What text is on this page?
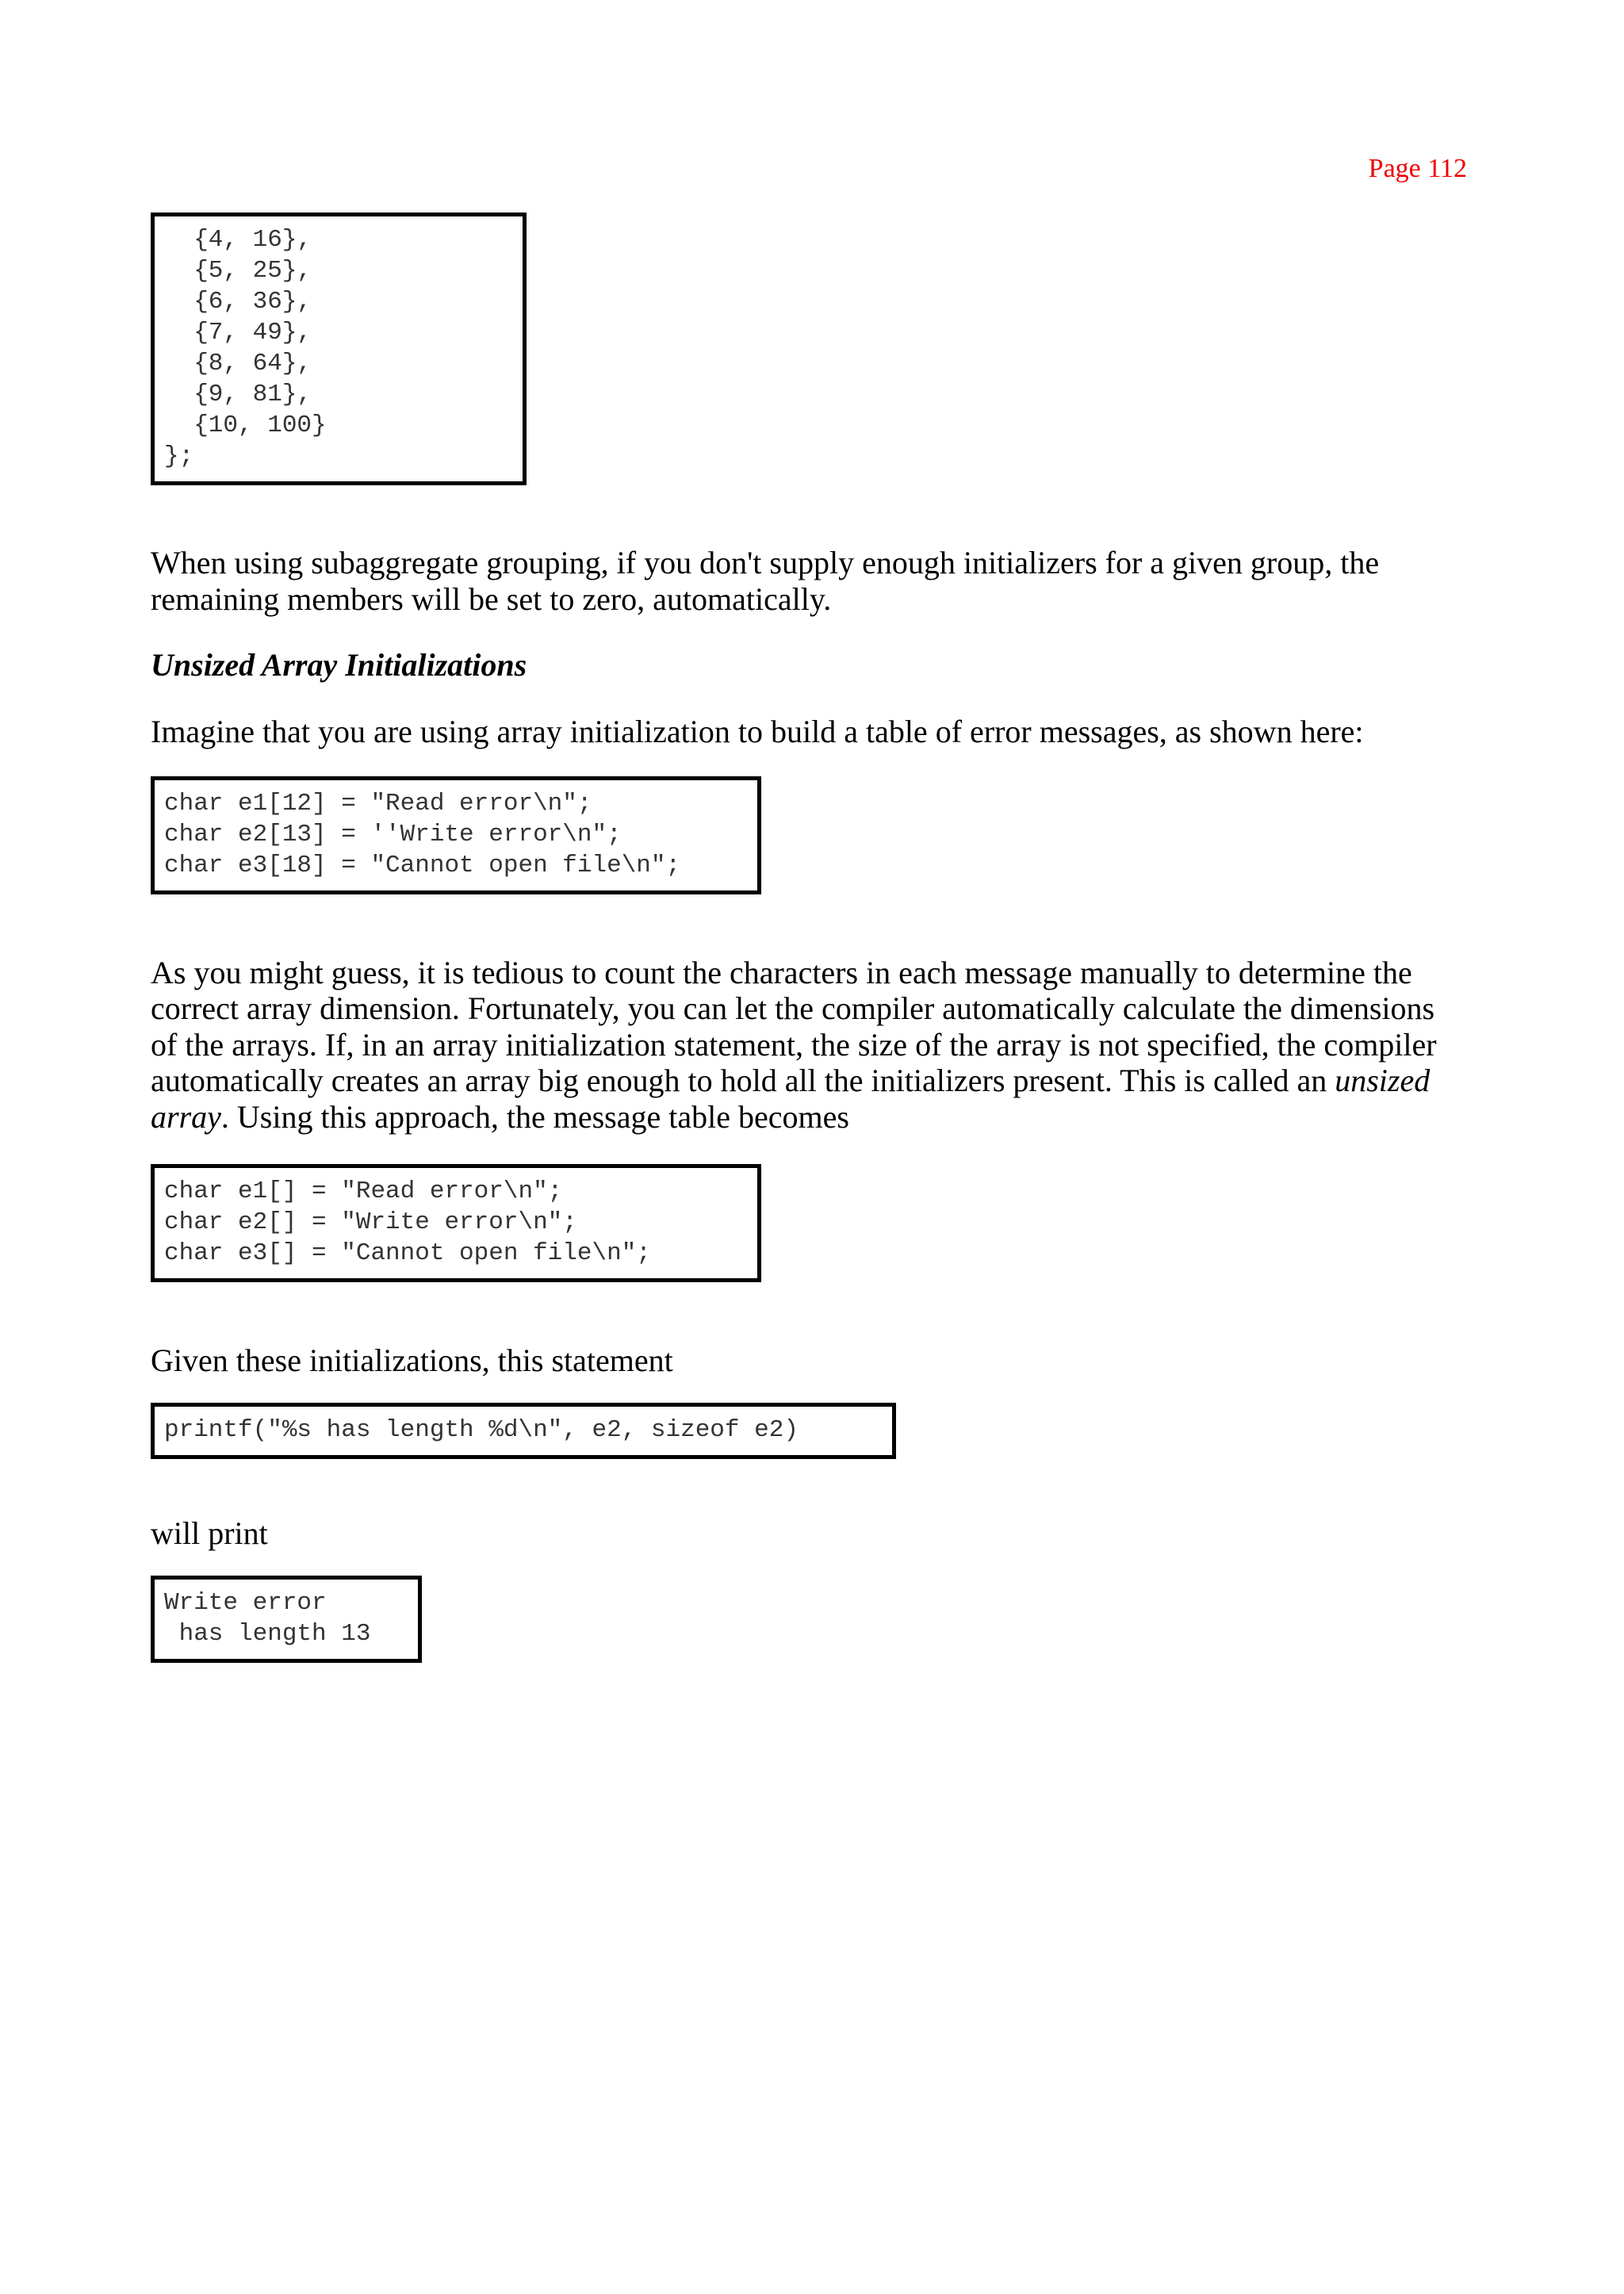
Page 112
{4, 16},
{5, 25},
{6, 36},
{7, 49},
{8, 64},
{9, 81},
{10, 100}
};

When using subaggregate grouping, if you don't supply enough initializers for a given group, the remaining members will be set to zero, automatically.

Unsized Array Initializations

Imagine that you are using array initialization to build a table of error messages, as shown here:

char e1[12] = "Read error\n";
char e2[13] = ''Write error\n";
char e3[18] = "Cannot open file\n";

As you might guess, it is tedious to count the characters in each message manually to determine the correct array dimension. Fortunately, you can let the compiler automatically calculate the dimensions of the arrays. If, in an array initialization statement, the size of the array is not specified, the compiler automatically creates an array big enough to hold all the initializers present. This is called an unsized array. Using this approach, the message table becomes

char e1[] = "Read error\n";
char e2[] = "Write error\n";
char e3[] = "Cannot open file\n";

Given these initializations, this statement

printf("%s has length %d\n", e2, sizeof e2)

will print

Write error
has length 13
